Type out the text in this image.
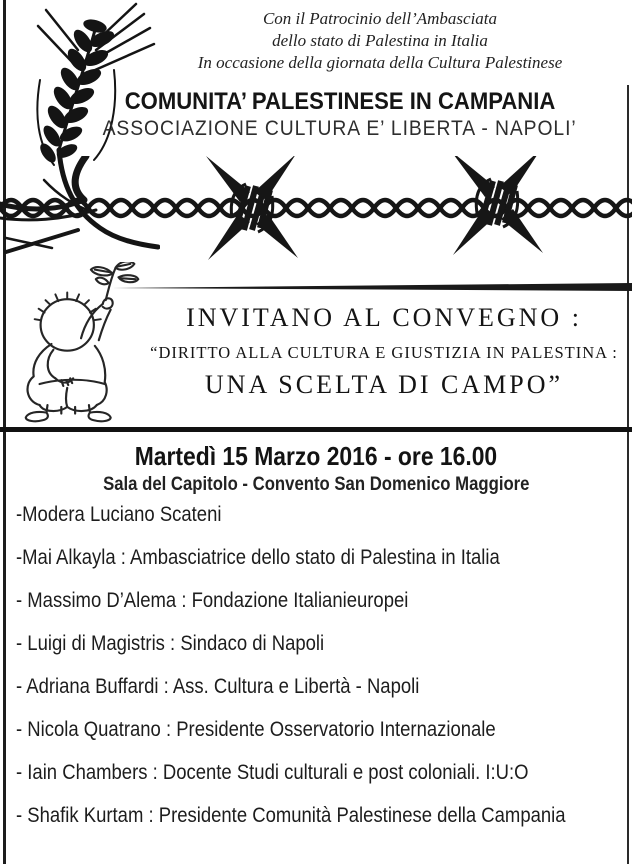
Con il Patrocinio dell’Ambasciata
dello stato di Palestina in Italia
In occasione della giornata della Cultura Palestinese
COMUNITA’ PALESTINESE IN CAMPANIA
ASSOCIAZIONE CULTURA E’ LIBERTA - NAPOLI’
INVITANO AL CONVEGNO :
“DIRITTO ALLA CULTURA E GIUSTIZIA IN PALESTINA :
UNA SCELTA DI CAMPO”
Martedì 15 Marzo 2016 - ore 16.00
Sala del Capitolo - Convento San Domenico Maggiore
-Modera Luciano Scateni
-Mai Alkayla : Ambasciatrice dello stato di Palestina in Italia
- Massimo D’Alema : Fondazione Italianieuropei
- Luigi di Magistris : Sindaco di Napoli
- Adriana Buffardi : Ass. Cultura e Libertà - Napoli
- Nicola Quatrano : Presidente Osservatorio Internazionale
- Iain Chambers : Docente Studi culturali e post coloniali. I:U:O
- Shafik Kurtam : Presidente Comunità Palestinese della Campania
